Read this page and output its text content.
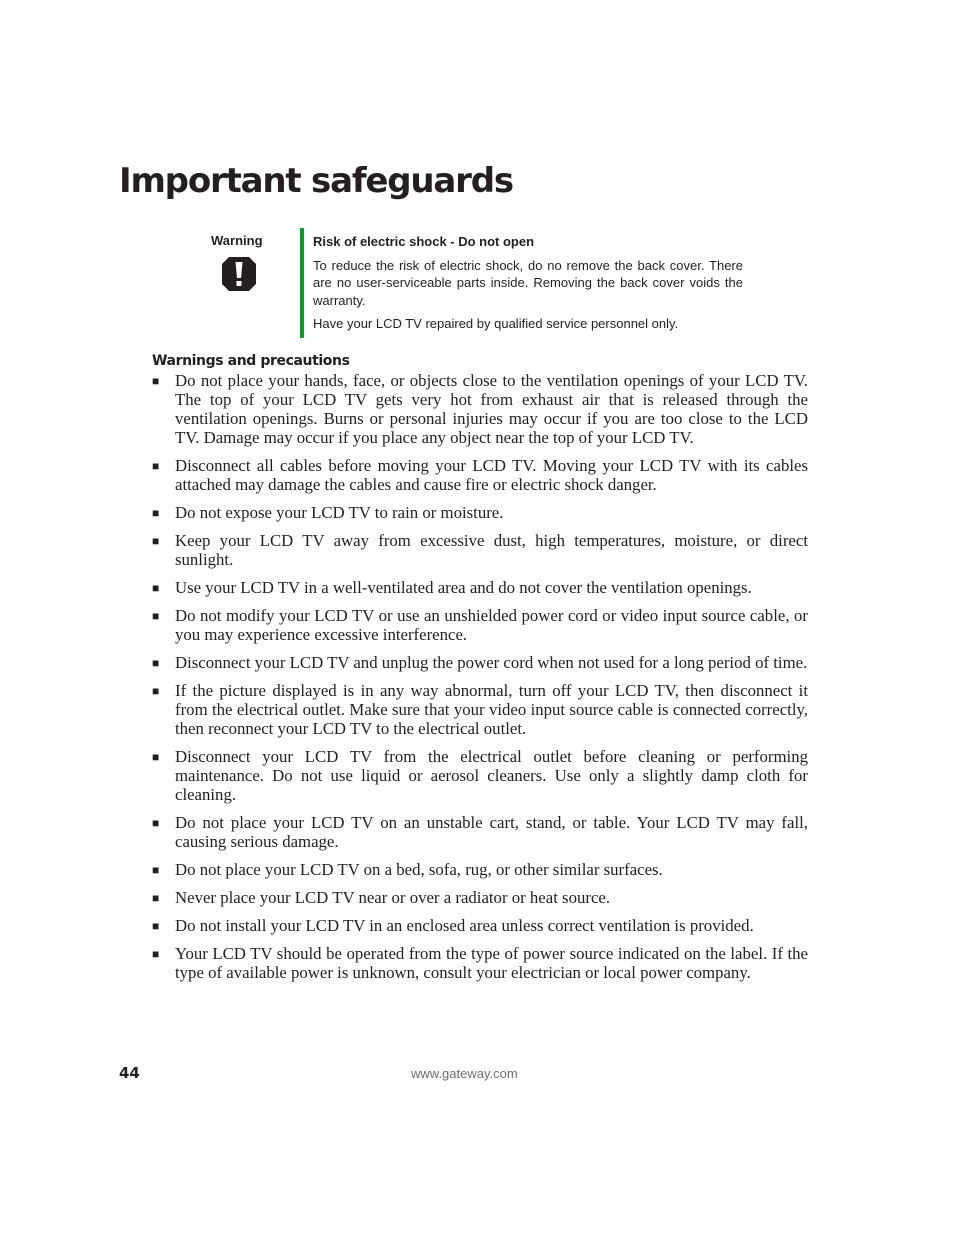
Important safeguards
Warning	Risk of electric shock - Do not open

To reduce the risk of electric shock, do no remove the back cover. There are no user-serviceable parts inside. Removing the back cover voids the warranty.

Have your LCD TV repaired by qualified service personnel only.

Warnings and precautions
■ Do not place your hands, face, or objects close to the ventilation openings of your LCD TV. The top of your LCD TV gets very hot from exhaust air that is released through the ventilation openings. Burns or personal injuries may occur if you are too close to the LCD TV. Damage may occur if you place any object near the top of your LCD TV.
■ Disconnect all cables before moving your LCD TV. Moving your LCD TV with its cables attached may damage the cables and cause fire or electric shock danger.
■ Do not expose your LCD TV to rain or moisture.
■ Keep your LCD TV away from excessive dust, high temperatures, moisture, or direct sunlight.
■ Use your LCD TV in a well-ventilated area and do not cover the ventilation openings.
■ Do not modify your LCD TV or use an unshielded power cord or video input source cable, or you may experience excessive interference.
■ Disconnect your LCD TV and unplug the power cord when not used for a long period of time.
■ If the picture displayed is in any way abnormal, turn off your LCD TV, then disconnect it from the electrical outlet. Make sure that your video input source cable is connected correctly, then reconnect your LCD TV to the electrical outlet.
■ Disconnect your LCD TV from the electrical outlet before cleaning or performing maintenance. Do not use liquid or aerosol cleaners. Use only a slightly damp cloth for cleaning.
■ Do not place your LCD TV on an unstable cart, stand, or table. Your LCD TV may fall, causing serious damage.
■ Do not place your LCD TV on a bed, sofa, rug, or other similar surfaces.
■ Never place your LCD TV near or over a radiator or heat source.
■ Do not install your LCD TV in an enclosed area unless correct ventilation is provided.
■ Your LCD TV should be operated from the type of power source indicated on the label. If the type of available power is unknown, consult your electrician or local power company.
44	www.gateway.com
